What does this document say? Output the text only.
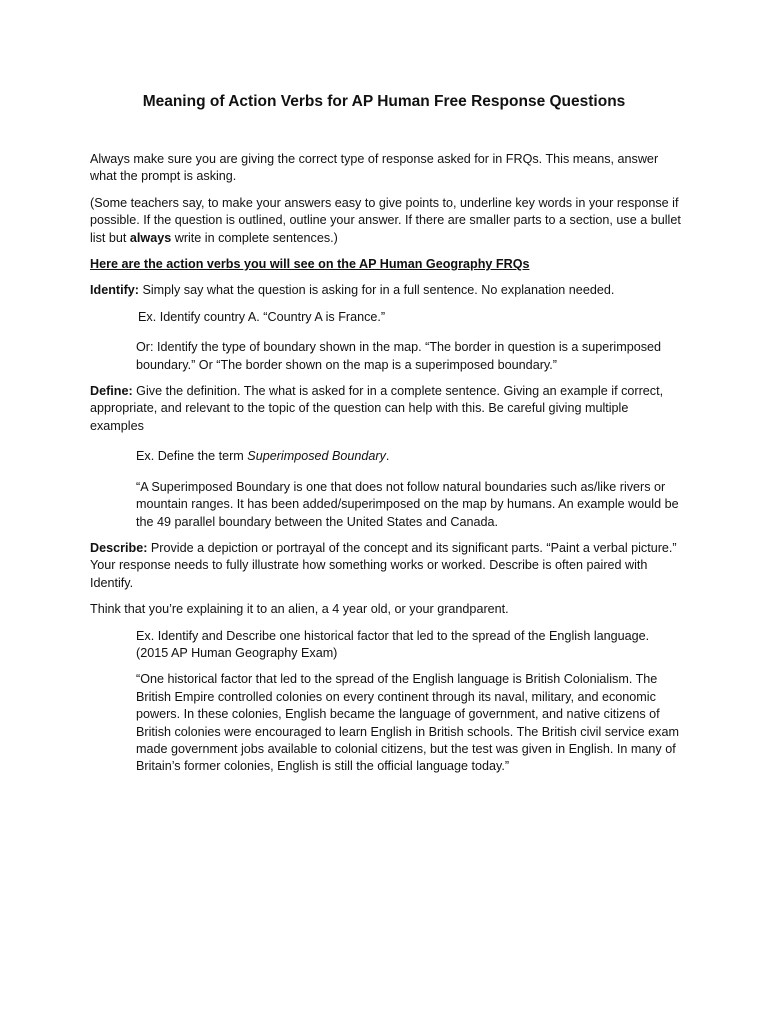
Meaning of Action Verbs for AP Human Free Response Questions

Always make sure you are giving the correct type of response asked for in FRQs. This means, answer what the prompt is asking.

(Some teachers say, to make your answers easy to give points to, underline key words in your response if possible. If the question is outlined, outline your answer. If there are smaller parts to a section, use a bullet list but always write in complete sentences.)

Here are the action verbs you will see on the AP Human Geography FRQs

Identify: Simply say what the question is asking for in a full sentence. No explanation needed.

Ex. Identify country A. “Country A is France.”

Or: Identify the type of boundary shown in the map. “The border in question is a superimposed boundary.” Or “The border shown on the map is a superimposed boundary.”

Define: Give the definition. The what is asked for in a complete sentence. Giving an example if correct, appropriate, and relevant to the topic of the question can help with this. Be careful giving multiple examples

Ex. Define the term Superimposed Boundary.

“A Superimposed Boundary is one that does not follow natural boundaries such as/like rivers or mountain ranges. It has been added/superimposed on the map by humans. An example would be the 49 parallel boundary between the United States and Canada.

Describe: Provide a depiction or portrayal of the concept and its significant parts. “Paint a verbal picture.” Your response needs to fully illustrate how something works or worked. Describe is often paired with Identify.

Think that you’re explaining it to an alien, a 4 year old, or your grandparent.

Ex. Identify and Describe one historical factor that led to the spread of the English language. (2015 AP Human Geography Exam)

“One historical factor that led to the spread of the English language is British Colonialism. The British Empire controlled colonies on every continent through its naval, military, and economic powers. In these colonies, English became the language of government, and native citizens of British colonies were encouraged to learn English in British schools. The British civil service exam made government jobs available to colonial citizens, but the test was given in English. In many of Britain’s former colonies, English is still the official language today.”
